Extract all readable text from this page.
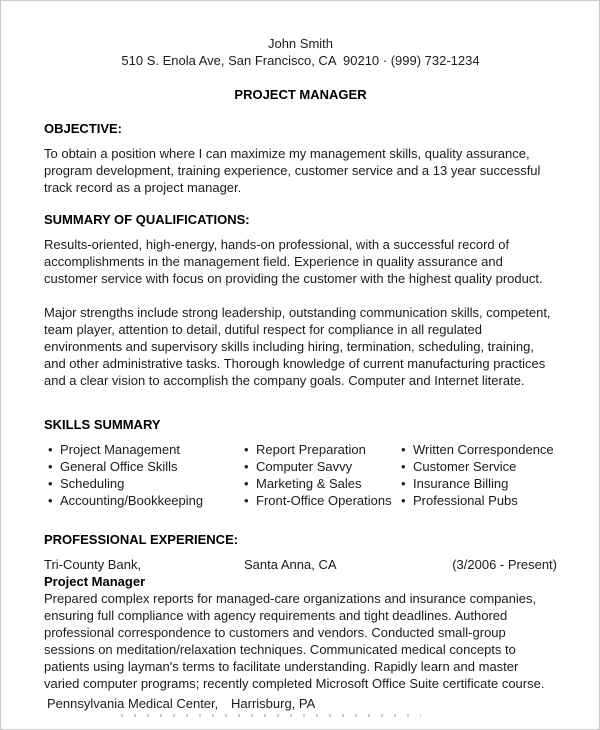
John Smith
510 S. Enola Ave, San Francisco, CA  90210 · (999) 732-1234
PROJECT MANAGER
OBJECTIVE:

To obtain a position where I can maximize my management skills, quality assurance, program development, training experience, customer service and a 13 year successful track record as a project manager.

SUMMARY OF QUALIFICATIONS:

Results-oriented, high-energy, hands-on professional, with a successful record of accomplishments in the management field. Experience in quality assurance and customer service with focus on providing the customer with the highest quality product.

Major strengths include strong leadership, outstanding communication skills, competent, team player, attention to detail, dutiful respect for compliance in all regulated environments and supervisory skills including hiring, termination, scheduling, training, and other administrative tasks. Thorough knowledge of current manufacturing practices and a clear vision to accomplish the company goals. Computer and Internet literate.

SKILLS SUMMARY
•
Project Management
•
General Office Skills
•
Scheduling
•
Accounting/Bookkeeping
•
Report Preparation
•
Computer Savvy
•
Marketing & Sales
•
Front-Office Operations
•
Written Correspondence
•
Customer Service
•
Insurance Billing
•
Professional Pubs
PROFESSIONAL EXPERIENCE:
Tri-County Bank,	Santa Anna, CA	(3/2006 - Present)
Project Manager

Prepared complex reports for managed-care organizations and insurance companies, ensuring full compliance with agency requirements and tight deadlines. Authored professional correspondence to customers and vendors. Conducted small-group sessions on meditation/relaxation techniques. Communicated medical concepts to patients using layman's terms to facilitate understanding. Rapidly learn and master varied computer programs; recently completed Microsoft Office Suite certificate course.

Pennsylvania Medical Center, Harrisburg, PA
